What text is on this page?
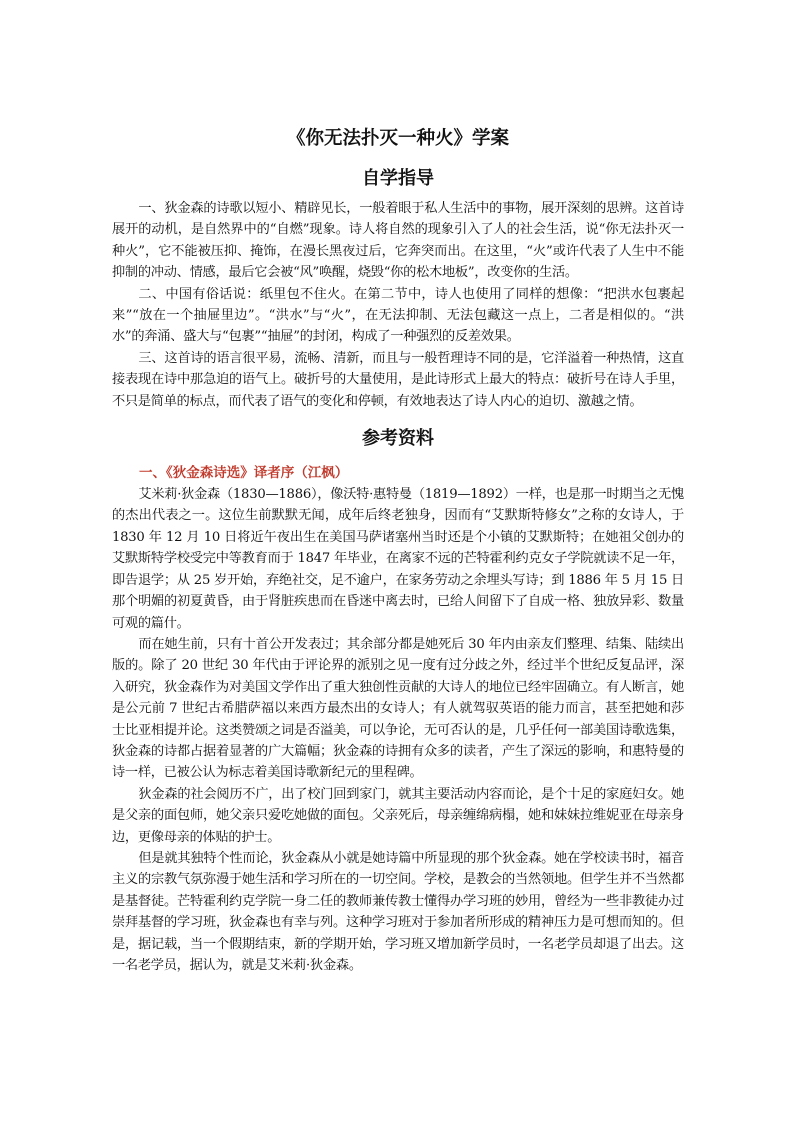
《你无法扑灭一种火》学案
自学指导

一、狄金森的诗歌以短小、精辟见长，一般着眼于私人生活中的事物，展开深刻的思辨。这首诗展开的动机，是自然界中的“自燃”现象。诗人将自然的现象引入了人的社会生活，说“你无法扑灭一种火”，它不能被压抑、掩饰，在漫长黑夜过后，它奔突而出。在这里，“火”或许代表了人生中不能抑制的冲动、情感，最后它会被“风”唤醒，烧毁“你的松木地板”，改变你的生活。

二、中国有俗话说：纸里包不住火。在第二节中，诗人也使用了同样的想像：“把洪水包裹起来”“放在一个抽屉里边”。“洪水”与“火”，在无法抑制、无法包藏这一点上，二者是相似的。“洪水”的奔涌、盛大与“包裹”“抽屉”的封闭，构成了一种强烈的反差效果。

三、这首诗的语言很平易，流畅、清新，而且与一般哲理诗不同的是，它洋溢着一种热情，这直接表现在诗中那急迫的语气上。破折号的大量使用，是此诗形式上最大的特点：破折号在诗人手里，不只是简单的标点，而代表了语气的变化和停顿，有效地表达了诗人内心的迫切、激越之情。

参考资料
一、《狄金森诗选》译者序（江枫）

艾米莉·狄金森（1830—1886），像沃特·惠特曼（1819—1892）一样，也是那一时期当之无愧的杰出代表之一。这位生前默默无闻，成年后终老独身，因而有“艾默斯特修女”之称的女诗人，于 1830 年 12 月 10 日将近午夜出生在美国马萨诸塞州当时还是个小镇的艾默斯特；在她祖父创办的艾默斯特学校受完中等教育而于 1847 年毕业，在离家不远的芒特霍利约克女子学院就读不足一年，即告退学；从 25 岁开始，弃绝社交，足不逾户，在家务劳动之余埋头写诗；到 1886 年 5 月 15 日那个明媚的初夏黄昏，由于肾脏疾患而在昏迷中离去时，已给人间留下了自成一格、独放异彩、数量可观的篇什。

而在她生前，只有十首公开发表过；其余部分都是她死后 30 年内由亲友们整理、结集、陆续出版的。除了 20 世纪 30 年代由于评论界的派别之见一度有过分歧之外，经过半个世纪反复品评，深入研究，狄金森作为对美国文学作出了重大独创性贡献的大诗人的地位已经牢固确立。有人断言，她是公元前 7 世纪古希腊萨福以来西方最杰出的女诗人；有人就驾驭英语的能力而言，甚至把她和莎士比亚相提并论。这类赞颂之词是否溢美，可以争论，无可否认的是，几乎任何一部美国诗歌选集，狄金森的诗都占据着显著的广大篇幅；狄金森的诗拥有众多的读者，产生了深远的影响，和惠特曼的诗一样，已被公认为标志着美国诗歌新纪元的里程碑。

狄金森的社会阅历不广，出了校门回到家门，就其主要活动内容而论，是个十足的家庭妇女。她是父亲的面包师，她父亲只爱吃她做的面包。父亲死后，母亲缠绵病榻，她和妹妹拉维妮亚在母亲身边，更像母亲的体贴的护士。

但是就其独特个性而论，狄金森从小就是她诗篇中所显现的那个狄金森。她在学校读书时，福音主义的宗教气氛弥漫于她生活和学习所在的一切空间。学校，是教会的当然领地。但学生并不当然都是基督徒。芒特霍利约克学院一身二任的教师兼传教士懂得办学习班的妙用，曾经为一些非教徒办过崇拜基督的学习班，狄金森也有幸与列。这种学习班对于参加者所形成的精神压力是可想而知的。但是，据记载，当一个假期结束，新的学期开始，学习班又增加新学员时，一名老学员却退了出去。这一名老学员，据认为，就是艾米莉·狄金森。
